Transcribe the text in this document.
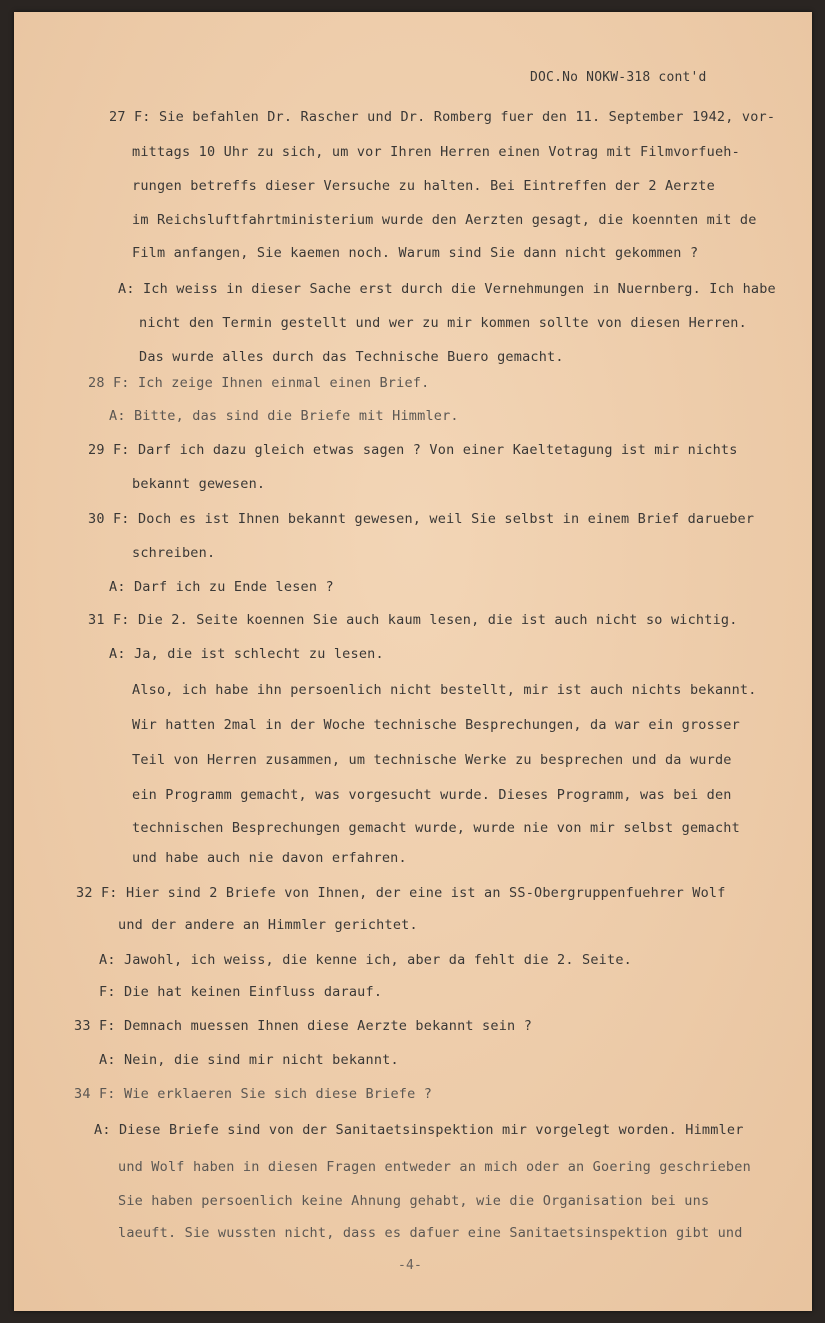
DOC.No NOKW-318 cont'd
27 F: Sie befahlen Dr. Rascher und Dr. Romberg fuer den 11. September 1942, vor-
mittags 10 Uhr zu sich, um vor Ihren Herren einen Votrag mit Filmvorfueh-
rungen betreffs dieser Versuche zu halten. Bei Eintreffen der 2 Aerzte
im Reichsluftfahrtministerium wurde den Aerzten gesagt, die koennten mit de
Film anfangen, Sie kaemen noch. Warum sind Sie dann nicht gekommen ?
A: Ich weiss in dieser Sache erst durch die Vernehmungen in Nuernberg. Ich habe
nicht den Termin gestellt und wer zu mir kommen sollte von diesen Herren.
Das wurde alles durch das Technische Buero gemacht.
28 F: Ich zeige Ihnen einmal einen Brief.
A: Bitte, das sind die Briefe mit Himmler.
29 F: Darf ich dazu gleich etwas sagen ? Von einer Kaeltetagung ist mir nichts
bekannt gewesen.
30 F: Doch es ist Ihnen bekannt gewesen, weil Sie selbst in einem Brief darueber
schreiben.
A: Darf ich zu Ende lesen ?
31 F: Die 2. Seite koennen Sie auch kaum lesen, die ist auch nicht so wichtig.
A: Ja, die ist schlecht zu lesen.
Also, ich habe ihn persoenlich nicht bestellt, mir ist auch nichts bekannt.
Wir hatten 2mal in der Woche technische Besprechungen, da war ein grosser
Teil von Herren zusammen, um technische Werke zu besprechen und da wurde
ein Programm gemacht, was vorgesucht wurde. Dieses Programm, was bei den
technischen Besprechungen gemacht wurde, wurde nie von mir selbst gemacht
und habe auch nie davon erfahren.
32 F: Hier sind 2 Briefe von Ihnen, der eine ist an SS-Obergruppenfuehrer Wolf
und der andere an Himmler gerichtet.
A: Jawohl, ich weiss, die kenne ich, aber da fehlt die 2. Seite.
F: Die hat keinen Einfluss darauf.
33 F: Demnach muessen Ihnen diese Aerzte bekannt sein ?
A: Nein, die sind mir nicht bekannt.
34 F: Wie erklaeren Sie sich diese Briefe ?
A: Diese Briefe sind von der Sanitaetsinspektion mir vorgelegt worden. Himmler
und Wolf haben in diesen Fragen entweder an mich oder an Goering geschrieben
Sie haben persoenlich keine Ahnung gehabt, wie die Organisation bei uns
laeuft. Sie wussten nicht, dass es dafuer eine Sanitaetsinspektion gibt und
-4-
